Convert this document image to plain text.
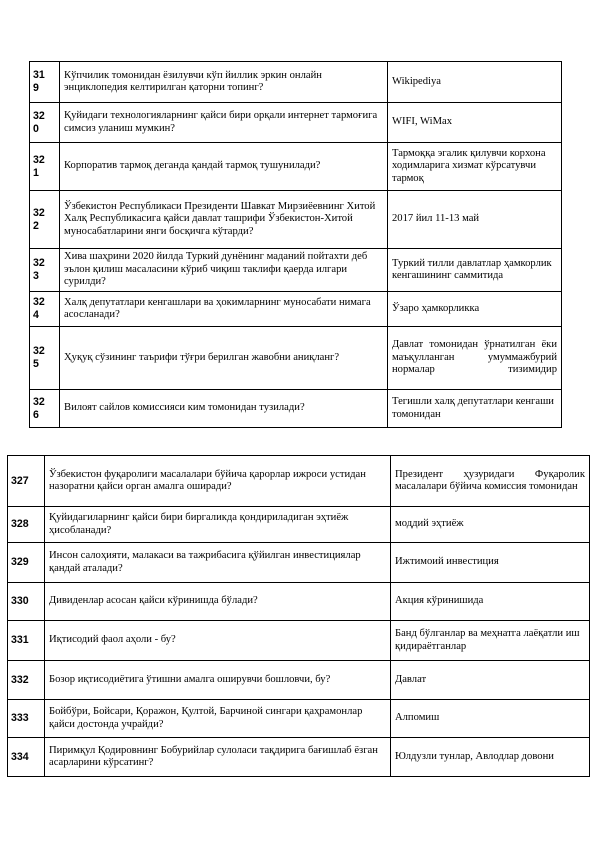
319	Кўпчилик томонидан ёзилувчи кўп йиллик эркин онлайн энциклопедия келтирилган қаторни топинг?	Wikipediya

320	Қуйидаги технологияларнинг қайси бири орқали интернет тармоғига симсиз уланиш мумкин?	WIFI, WiMax

321	Корпоратив тармоқ деганда қандай тармоқ тушунилади?	Тармоққа эгалик қилувчи корхона ходимларига хизмат кўрсатувчи тармоқ

322	Ўзбекистон Республикаси Президенти Шавкат Мирзиёевнинг Хитой Халқ Республикасига қайси давлат ташрифи Ўзбекистон-Хитой муносабатларини янги босқичга кўтарди?	2017 йил 11-13 май

323	Хива шаҳрини 2020 йилда Туркий дунёнинг маданий пойтахти деб эълон қилиш масаласини кўриб чиқиш таклифи қаерда илгари сурилди?	Туркий тилли давлатлар ҳамкорлик кенгашининг саммитида

324	Халқ депутатлари кенгашлари ва ҳокимларнинг муносабати нимага асосланади?	Ўзаро ҳамкорликка

325	Ҳуқуқ сўзининг таърифи тўғри берилган жавобни аниқланг?	Давлат томонидан ўрнатилган ёки маъқулланган умуммажбурий нормалар тизимидир

326	Вилоят сайлов комиссияси ким томонидан тузилади?	Тегишли халқ депутатлари кенгаши томонидан
327	Ўзбекистон фуқаролиги масалалари бўйича қарорлар ижроси устидан назоратни қайси орган амалга оширади?	Президент ҳузуридаги Фуқаролик масалалари бўйича комиссия томонидан

328	Қуйидагиларнинг қайси бири биргаликда қондириладиган эҳтиёж ҳисобланади?	моддий эҳтиёж

329	Инсон салоҳияти, малакаси ва тажрибасига қўйилган инвестициялар қандай аталади?	Ижтимоий инвестиция

330	Дивиденлар асосан қайси кўринишда бўлади?	Акция кўринишида

331	Иқтисодий фаол аҳоли - бу?	Банд бўлганлар ва меҳнатга лаёқатли иш қидираётганлар

332	Бозор иқтисодиётига ўтишни амалга оширувчи бошловчи, бу?	Давлат

333	Бойбўри, Бойсари, Қоражон, Қултой, Барчиной сингари қаҳрамонлар қайси достонда учрайди?	Алпомиш

334	Пиримқул Қодировнинг Бобурийлар сулоласи тақдирига бағишлаб ёзган асарларини кўрсатинг?	Юлдузли тунлар, Авлодлар довони
